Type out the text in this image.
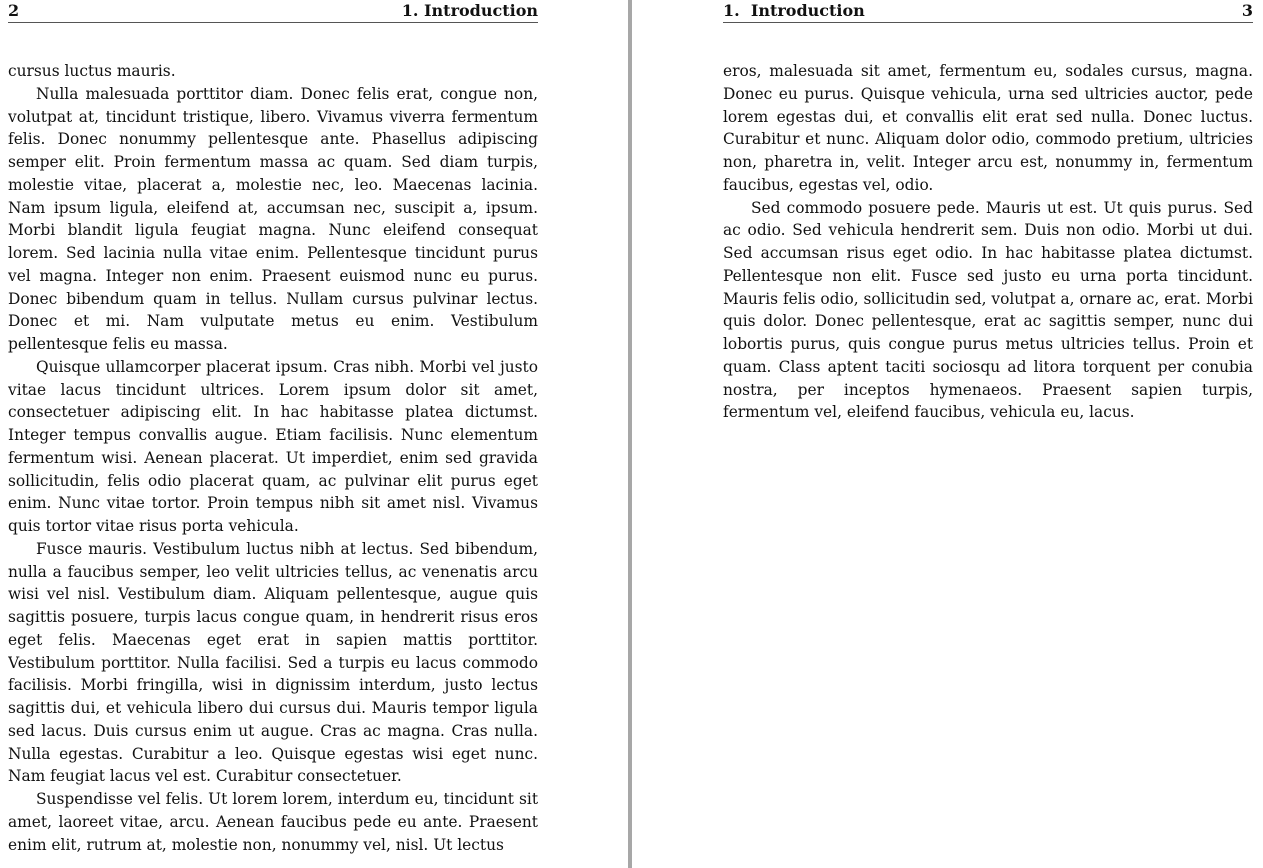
2	1. Introduction

cursus luctus mauris.

Nulla malesuada porttitor diam. Donec felis erat, congue non, volutpat at, tincidunt tristique, libero. Vivamus viverra fermentum felis. Donec nonummy pellentesque ante. Phasellus adipiscing semper elit. Proin fermentum massa ac quam. Sed diam turpis, molestie vitae, placerat a, molestie nec, leo. Maecenas lacinia. Nam ipsum ligula, eleifend at, accumsan nec, suscipit a, ipsum. Morbi blandit ligula feugiat magna. Nunc eleifend consequat lorem. Sed lacinia nulla vitae enim. Pellentesque tincidunt purus vel magna. Integer non enim. Praesent euismod nunc eu purus. Donec bibendum quam in tellus. Nullam cursus pulvinar lectus. Donec et mi. Nam vulputate metus eu enim. Vestibulum pellentesque felis eu massa.

Quisque ullamcorper placerat ipsum. Cras nibh. Morbi vel justo vitae lacus tincidunt ultrices. Lorem ipsum dolor sit amet, consectetuer adipiscing elit. In hac habitasse platea dictumst. Integer tempus convallis augue. Etiam facilisis. Nunc elementum fermentum wisi. Aenean placerat. Ut imperdiet, enim sed gravida sollicitudin, felis odio placerat quam, ac pulvinar elit purus eget enim. Nunc vitae tortor. Proin tempus nibh sit amet nisl. Vivamus quis tortor vitae risus porta vehicula.

Fusce mauris. Vestibulum luctus nibh at lectus. Sed bibendum, nulla a faucibus semper, leo velit ultricies tellus, ac venenatis arcu wisi vel nisl. Vestibulum diam. Aliquam pellentesque, augue quis sagittis posuere, turpis lacus congue quam, in hendrerit risus eros eget felis. Maecenas eget erat in sapien mattis porttitor. Vestibulum porttitor. Nulla facilisi. Sed a turpis eu lacus commodo facilisis. Morbi fringilla, wisi in dignissim interdum, justo lectus sagittis dui, et vehicula libero dui cursus dui. Mauris tempor ligula sed lacus. Duis cursus enim ut augue. Cras ac magna. Cras nulla. Nulla egestas. Curabitur a leo. Quisque egestas wisi eget nunc. Nam feugiat lacus vel est. Curabitur consectetuer.

Suspendisse vel felis. Ut lorem lorem, interdum eu, tincidunt sit amet, laoreet vitae, arcu. Aenean faucibus pede eu ante. Praesent enim elit, rutrum at, molestie non, nonummy vel, nisl. Ut lectus

1.  Introduction	3

eros, malesuada sit amet, fermentum eu, sodales cursus, magna. Donec eu purus. Quisque vehicula, urna sed ultricies auctor, pede lorem egestas dui, et convallis elit erat sed nulla. Donec luctus. Curabitur et nunc. Aliquam dolor odio, commodo pretium, ultricies non, pharetra in, velit. Integer arcu est, nonummy in, fermentum faucibus, egestas vel, odio.

Sed commodo posuere pede. Mauris ut est. Ut quis purus. Sed ac odio. Sed vehicula hendrerit sem. Duis non odio. Morbi ut dui. Sed accumsan risus eget odio. In hac habitasse platea dictumst. Pellentesque non elit. Fusce sed justo eu urna porta tincidunt. Mauris felis odio, sollicitudin sed, volutpat a, ornare ac, erat. Morbi quis dolor. Donec pellentesque, erat ac sagittis semper, nunc dui lobortis purus, quis congue purus metus ultricies tellus. Proin et quam. Class aptent taciti sociosqu ad litora torquent per conubia nostra, per inceptos hymenaeos. Praesent sapien turpis, fermentum vel, eleifend faucibus, vehicula eu, lacus.
